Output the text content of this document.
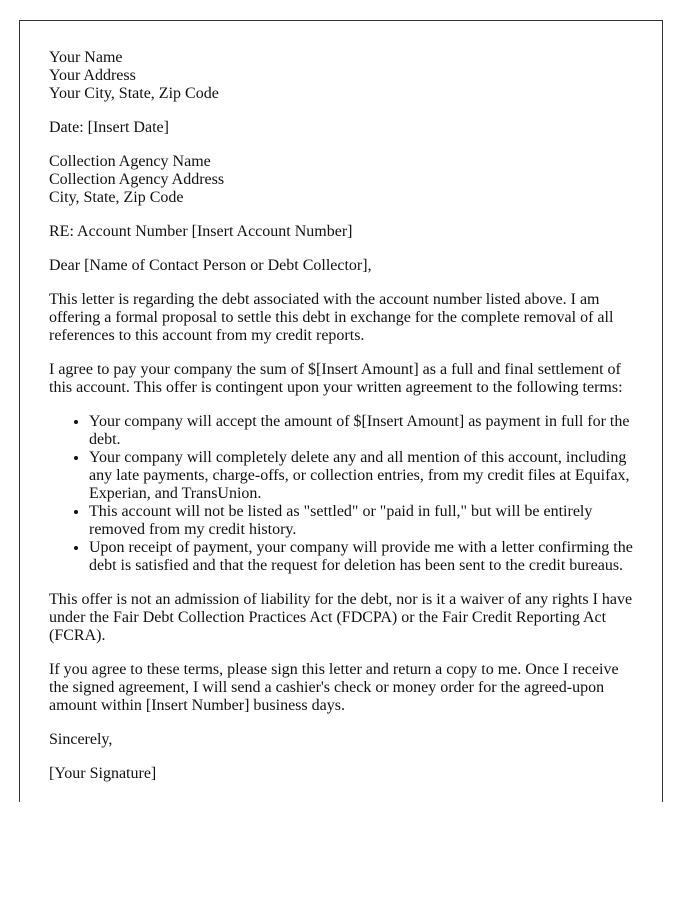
Your Name
Your Address
Your City, State, Zip Code

Date: [Insert Date]

Collection Agency Name
Collection Agency Address
City, State, Zip Code

RE: Account Number [Insert Account Number]

Dear [Name of Contact Person or Debt Collector],

This letter is regarding the debt associated with the account number listed above. I am offering a formal proposal to settle this debt in exchange for the complete removal of all references to this account from my credit reports.

I agree to pay your company the sum of $[Insert Amount] as a full and final settlement of this account. This offer is contingent upon your written agreement to the following terms:

• Your company will accept the amount of $[Insert Amount] as payment in full for the debt.
• Your company will completely delete any and all mention of this account, including any late payments, charge-offs, or collection entries, from my credit files at Equifax, Experian, and TransUnion.
• This account will not be listed as "settled" or "paid in full," but will be entirely removed from my credit history.
• Upon receipt of payment, your company will provide me with a letter confirming the debt is satisfied and that the request for deletion has been sent to the credit bureaus.

This offer is not an admission of liability for the debt, nor is it a waiver of any rights I have under the Fair Debt Collection Practices Act (FDCPA) or the Fair Credit Reporting Act (FCRA).

If you agree to these terms, please sign this letter and return a copy to me. Once I receive the signed agreement, I will send a cashier's check or money order for the agreed-upon amount within [Insert Number] business days.

Sincerely,

[Your Signature]
